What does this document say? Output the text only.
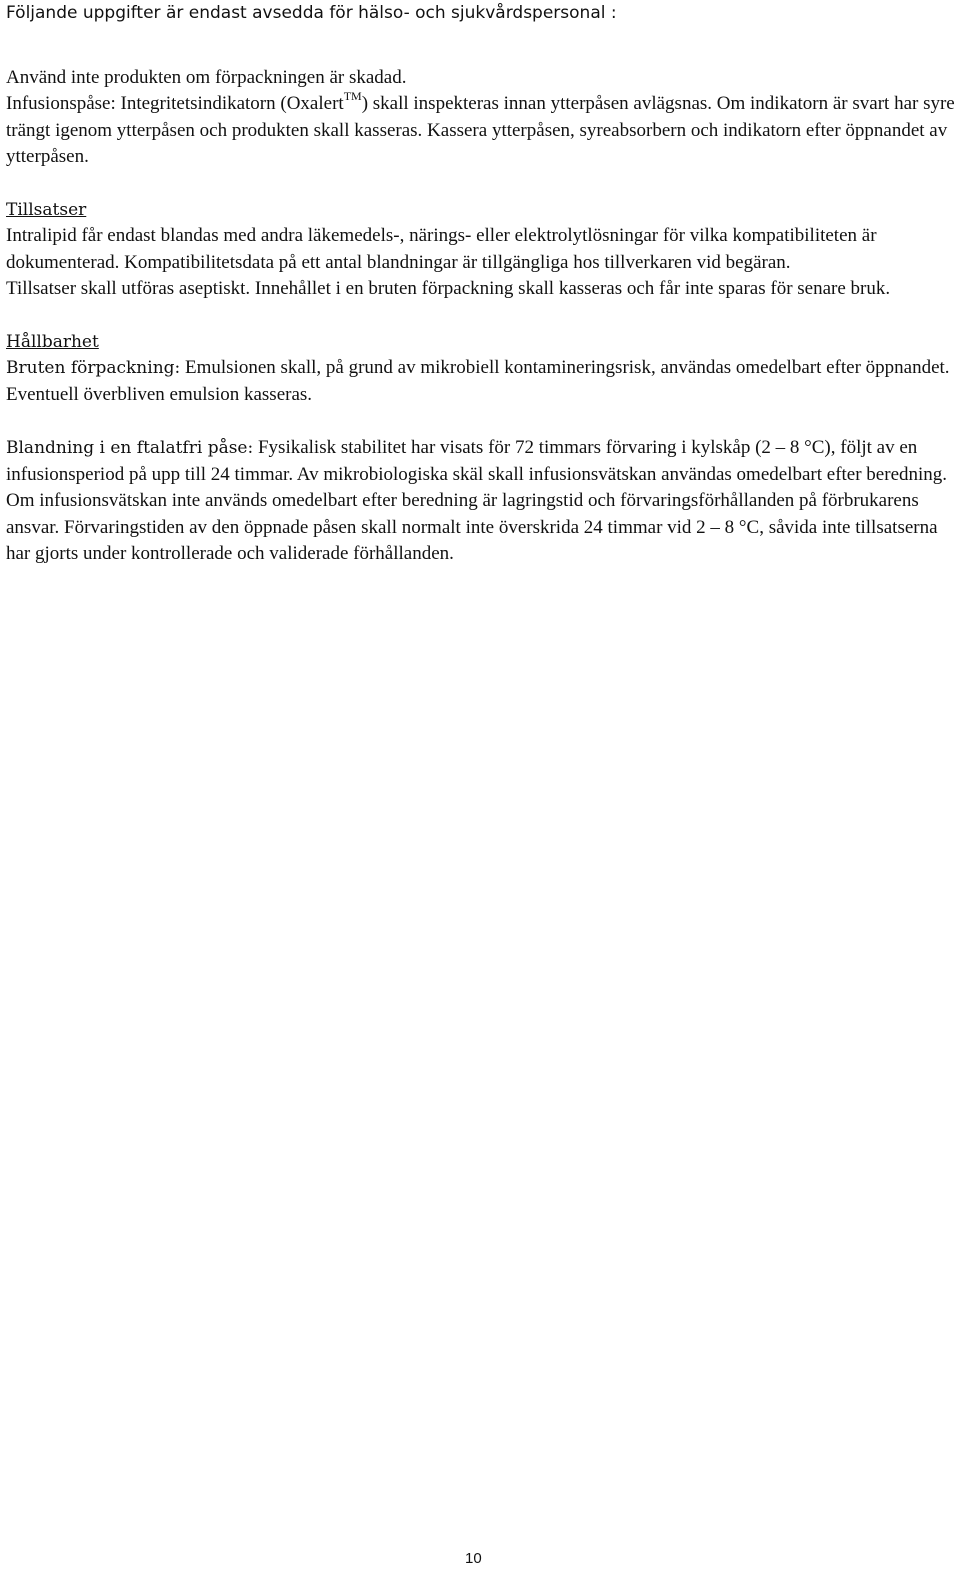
Följande uppgifter är endast avsedda för hälso- och sjukvårdspersonal :

Använd inte produkten om förpackningen är skadad.

Infusionspåse: Integritetsindikatorn (Oxalert™) skall inspekteras innan ytterpåsen avlägsnas. Om indikatorn är svart har syre trängt igenom ytterpåsen och produkten skall kasseras. Kassera ytterpåsen, syreabsorbern och indikatorn efter öppnandet av ytterpåsen.

Tillsatser

Intralipid får endast blandas med andra läkemedels-, närings- eller elektrolytlösningar för vilka kompatibiliteten är dokumenterad. Kompatibilitetsdata på ett antal blandningar är tillgängliga hos tillverkaren vid begäran.

Tillsatser skall utföras aseptiskt. Innehållet i en bruten förpackning skall kasseras och får inte sparas för senare bruk.

Hållbarhet

Bruten förpackning: Emulsionen skall, på grund av mikrobiell kontamineringsrisk, användas omedelbart efter öppnandet. Eventuell överbliven emulsion kasseras.

Blandning i en ftalatfri påse: Fysikalisk stabilitet har visats för 72 timmars förvaring i kylskåp (2 – 8 °C), följt av en infusionsperiod på upp till 24 timmar. Av mikrobiologiska skäl skall infusionsvätskan användas omedelbart efter beredning. Om infusionsvätskan inte används omedelbart efter beredning är lagringstid och förvaringsförhållanden på förbrukarens ansvar. Förvaringstiden av den öppnade påsen skall normalt inte överskrida 24 timmar vid 2 – 8 °C, såvida inte tillsatserna har gjorts under kontrollerade och validerade förhållanden.

10
